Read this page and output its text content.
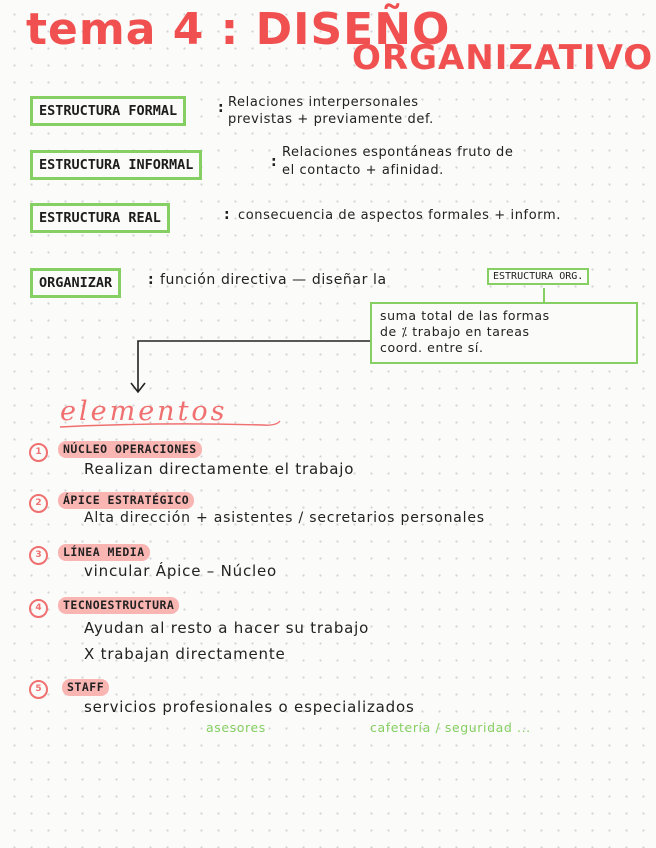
tema 4 : DISEÑO
ORGANIZATIVO
ESTRUCTURA FORMAL	: Relaciones interpersonales
previstas + previamente def.
ESTRUCTURA INFORMAL	:
Relaciones espontáneas fruto de
el contacto + afinidad.
ESTRUCTURA REAL	: consecuencia de aspectos formales + inform.
ORGANIZAR	: función directiva — diseñar la	ESTRUCTURA ORG.
suma total de las formas
de ⁒ trabajo en tareas
coord. entre sí.
elementos
1	NÚCLEO OPERACIONES
Realizan directamente el trabajo
2	ÁPICE ESTRATÉGICO
Alta dirección + asistentes / secretarios personales
3	LÍNEA MEDIA
vincular Ápice – Núcleo
4	TECNOESTRUCTURA
Ayudan al resto a hacer su trabajo
X trabajan directamente
5	STAFF
servicios profesionales o especializados
asesores	cafetería / seguridad ...
